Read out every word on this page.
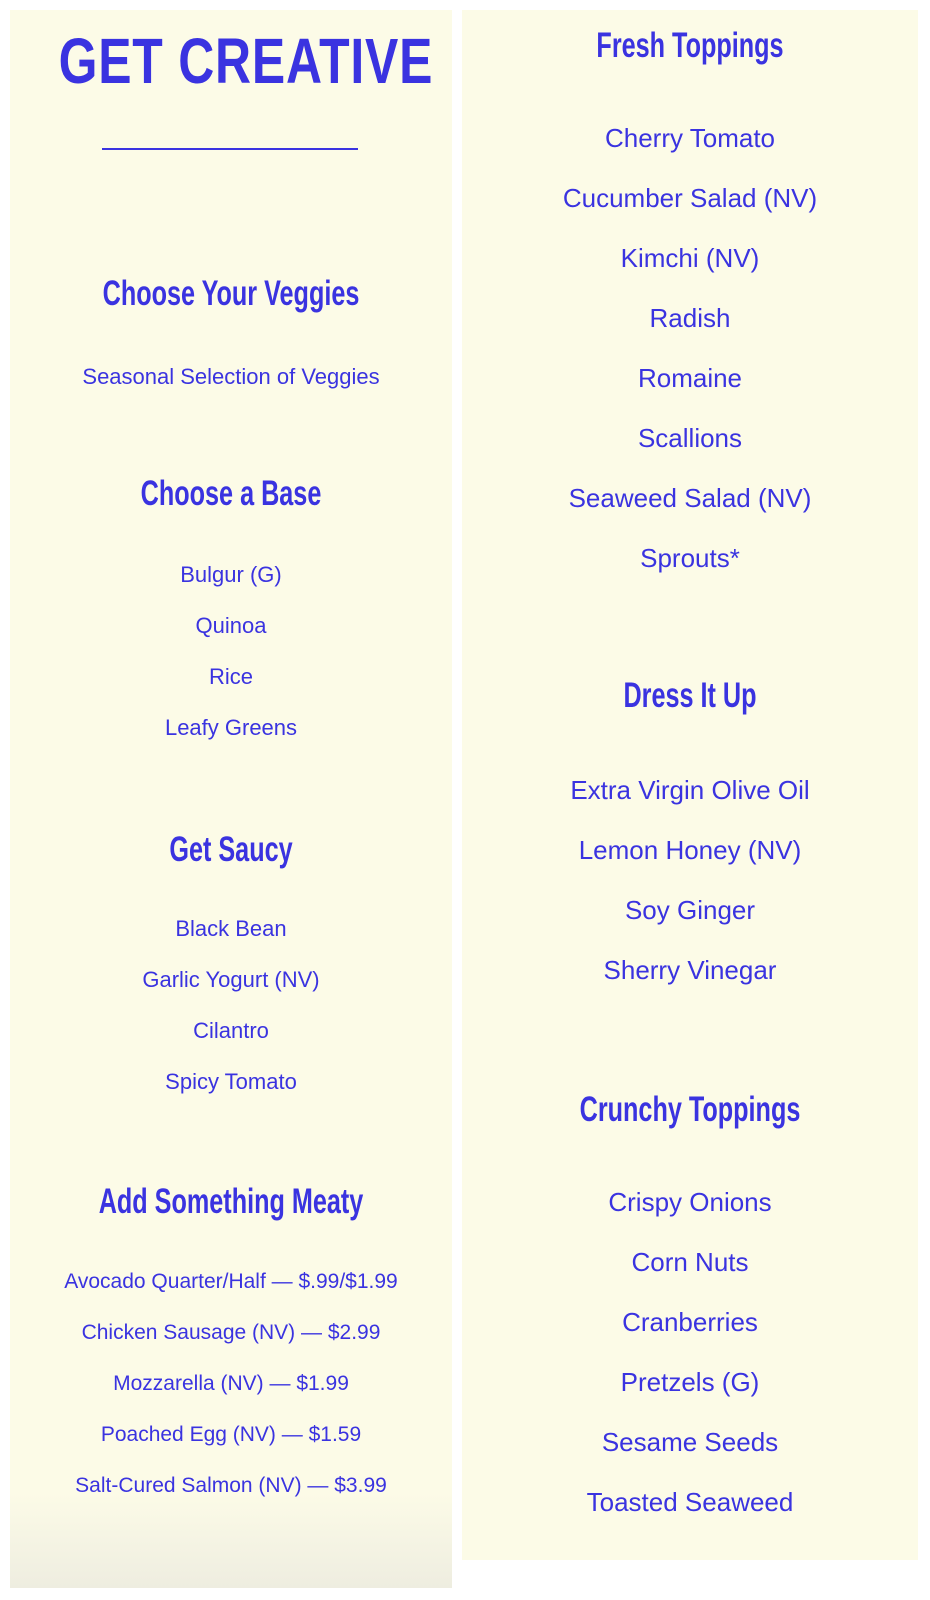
GET CREATIVE
Choose Your Veggies

Seasonal Selection of Veggies

Choose a Base

Bulgur (G)

Quinoa

Rice

Leafy Greens

Get Saucy

Black Bean

Garlic Yogurt (NV)

Cilantro

Spicy Tomato

Add Something Meaty

Avocado Quarter/Half — $.99/$1.99

Chicken Sausage (NV) — $2.99

Mozzarella (NV) — $1.99

Poached Egg (NV) — $1.59

Salt-Cured Salmon (NV) — $3.99

Fresh Toppings

Cherry Tomato

Cucumber Salad (NV)

Kimchi (NV)

Radish

Romaine

Scallions

Seaweed Salad (NV)

Sprouts*

Dress It Up

Extra Virgin Olive Oil

Lemon Honey (NV)

Soy Ginger

Sherry Vinegar

Crunchy Toppings

Crispy Onions

Corn Nuts

Cranberries

Pretzels (G)

Sesame Seeds

Toasted Seaweed
